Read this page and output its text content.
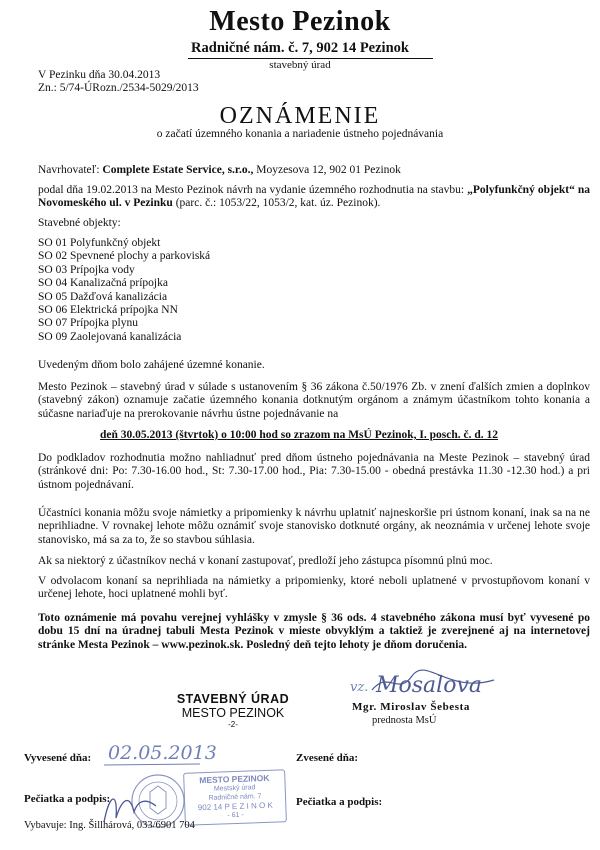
Mesto Pezinok
Radničné nám. č. 7, 902 14 Pezinok
stavebný úrad
V Pezinku dňa 30.04.2013
Zn.: 5/74-ÚRozn./2534-5029/2013
OZNÁMENIE
o začatí územného konania a nariadenie ústneho pojednávania
Navrhovateľ: Complete Estate Service, s.r.o., Moyzesova 12, 902 01 Pezinok
podal dňa 19.02.2013 na Mesto Pezinok návrh na vydanie územného rozhodnutia na stavbu: „Polyfunkčný objekt“ na Novomeského ul. v Pezinku (parc. č.: 1053/22, 1053/2, kat. úz. Pezinok).
Stavebné objekty:
SO 01 Polyfunkčný objekt
SO 02 Spevnené plochy a parkoviská
SO 03 Prípojka vody
SO 04 Kanalizačná prípojka
SO 05 Dažďová kanalizácia
SO 06 Elektrická prípojka NN
SO 07 Prípojka plynu
SO 09 Zaolejovaná kanalizácia
Uvedeným dňom bolo zahájené územné konanie.
Mesto Pezinok – stavebný úrad v súlade s ustanovením § 36 zákona č.50/1976 Zb. v znení ďalších zmien a doplnkov (stavebný zákon) oznamuje začatie územného konania dotknutým orgánom a známym účastníkom tohto konania a súčasne nariaďuje na prerokovanie návrhu ústne pojednávanie na
deň 30.05.2013 (štvrtok) o 10:00 hod so zrazom na MsÚ Pezinok, I. posch. č. d. 12
Do podkladov rozhodnutia možno nahliadnuť pred dňom ústneho pojednávania na Meste Pezinok – stavebný úrad (stránkové dni: Po: 7.30-16.00 hod., St: 7.30-17.00 hod., Pia: 7.30-15.00 - obedná prestávka 11.30 -12.30 hod.) a pri ústnom pojednávaní.
Účastníci konania môžu svoje námietky a pripomienky k návrhu uplatniť najneskoršie pri ústnom konaní, inak sa na ne neprihliadne. V rovnakej lehote môžu oznámiť svoje stanovisko dotknuté orgány, ak neoznámia v určenej lehote svoje stanovisko, má sa za to, že so stavbou súhlasia.
Ak sa niektorý z účastníkov nechá v konaní zastupovať, predloží jeho zástupca písomnú plnú moc.
V odvolacom konaní sa neprihliada na námietky a pripomienky, ktoré neboli uplatnené v prvostupňovom konaní v určenej lehote, hoci uplatnené mohli byť.
Toto oznámenie má povahu verejnej vyhlášky v zmysle § 36 ods. 4 stavebného zákona musí byť vyvesené po dobu 15 dní na úradnej tabuli Mesta Pezinok v mieste obvyklým a taktiež je zverejnené aj na internetovej stránke Mesta Pezinok – www.pezinok.sk. Posledný deň tejto lehoty je dňom doručenia.
STAVEBNÝ ÚRAD
MESTO PEZINOK
-2-
vz. Mosalova
Mgr. Miroslav Šebesta
prednosta MsÚ
Vyvesené dňa: 02.05.2013	Zvesené dňa:
Pečiatka a podpis:	Pečiatka a podpis:
MESTO PEZINOK
Mestský úrad
Radničné nám. 7
902 14 P E Z I N O K
- 61 -
Vybavuje: Ing. Šillhárová, 033/6901 704
